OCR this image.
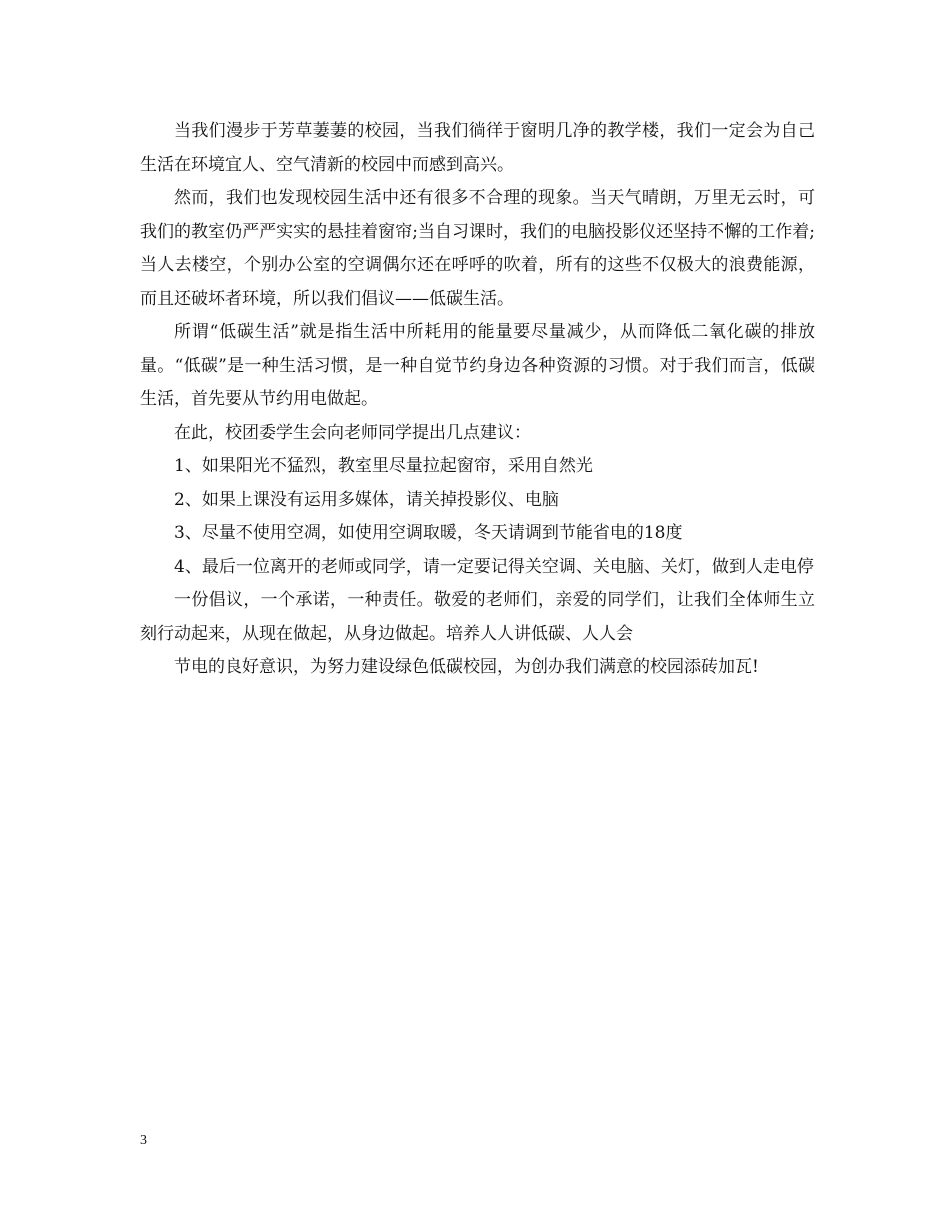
当我们漫步于芳草萋萋的校园，当我们徜徉于窗明几净的教学楼，我们一定会为自己生活在环境宜人、空气清新的校园中而感到高兴。

然而，我们也发现校园生活中还有很多不合理的现象。当天气晴朗，万里无云时，可我们的教室仍严严实实的悬挂着窗帘;当自习课时，我们的电脑投影仪还坚持不懈的工作着;当人去楼空，个别办公室的空调偶尔还在呼呼的吹着，所有的这些不仅极大的浪费能源，而且还破坏者环境，所以我们倡议——低碳生活。

所谓“低碳生活”就是指生活中所耗用的能量要尽量减少，从而降低二氧化碳的排放量。“低碳”是一种生活习惯，是一种自觉节约身边各种资源的习惯。对于我们而言，低碳生活，首先要从节约用电做起。

在此，校团委学生会向老师同学提出几点建议：

1、如果阳光不猛烈，教室里尽量拉起窗帘，采用自然光

2、如果上课没有运用多媒体，请关掉投影仪、电脑

3、尽量不使用空凋，如使用空调取暖，冬天请调到节能省电的18度

4、最后一位离开的老师或同学，请一定要记得关空调、关电脑、关灯，做到人走电停

一份倡议，一个承诺，一种责任。敬爱的老师们，亲爱的同学们，让我们全体师生立刻行动起来，从现在做起，从身边做起。培养人人讲低碳、人人会

节电的良好意识，为努力建设绿色低碳校园，为创办我们满意的校园添砖加瓦!

3
